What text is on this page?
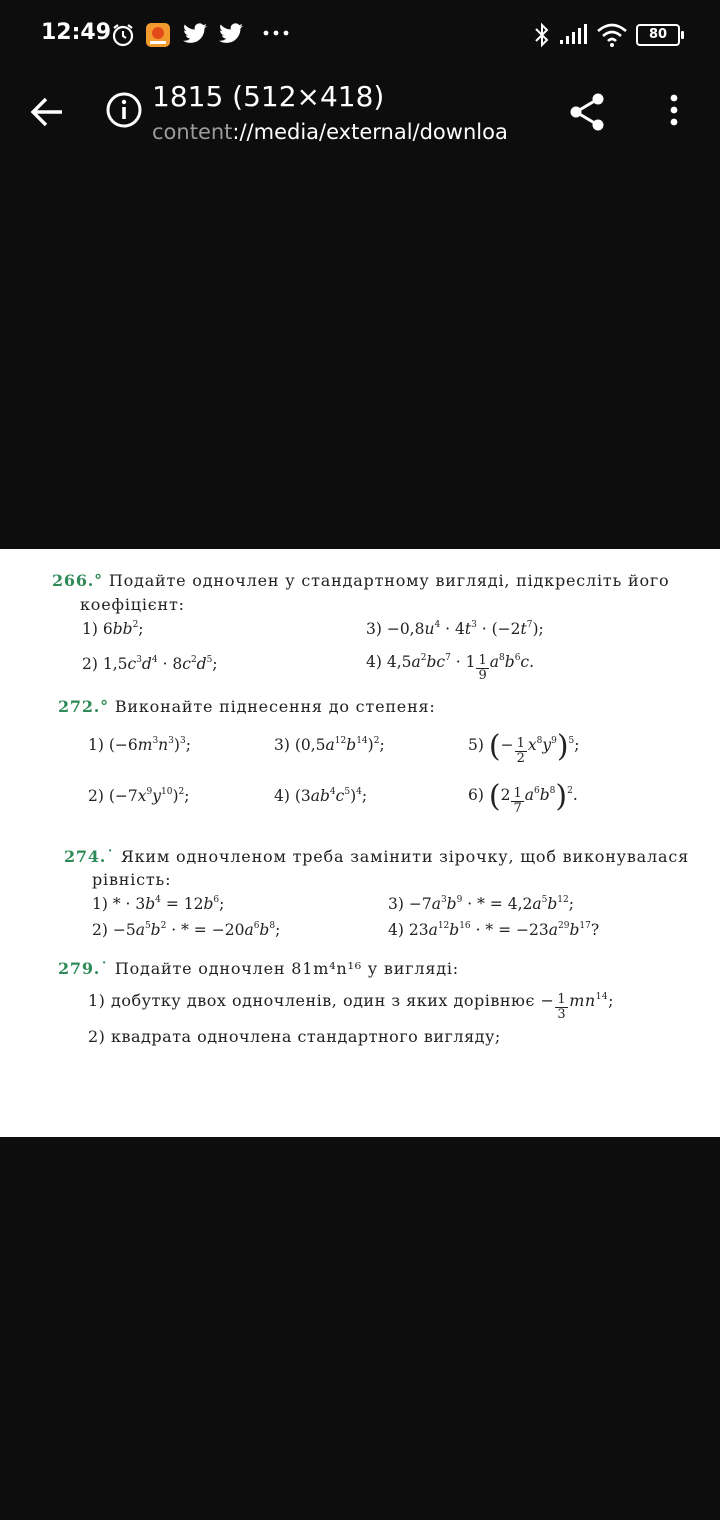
12:49	80
1815 (512×418)
content://media/external/downloa
266.° Подайте одночлен у стандартному вигляді, підкресліть його
коефіцієнт:
1) $6bb^2$;	$3) -0,8u^4 \cdot 4t^3 \cdot (-2t^7)$;
2) $1,5c^3d^4 \cdot 8c^2d^5$;	4) $4,5a^2bc^7 \cdot 1 \frac{1}{9} a^8b^6c$.
272.° Виконайте піднесення до степеня:
1) $(-6m^3n^3)^3$;	3) $(0,5a^{12}b^{14})^2$;	5) (− $\frac{1}{2} x^8y^9)^5$;
2) $(-7x^9y^{10})^2$;	4) $(3ab^4c^5)^4$;	6) $(2 \frac{1}{7} a^6b^8)^2$.
274.˙ Яким одночленом треба замінити зірочку, щоб виконувалася
рівність:
1) * · $3b^4 = 12b^6$;	$3) -7a^3b^9$ · * = $4,2a^5b^{12}$;
$2) -5a^5b^2$ · * = $-20a^6b^8$;	4) $23a^{12}b^{16}$ · * = $-23a^{29}b^{17}$?
279.˙ Подайте одночлен 81m⁴n¹⁶ у вигляді:
1) добутку двох одночленів, один з яких дорівнює − $\frac{1}{3} mn^{14}$;
2) квадрата одночлена стандартного вигляду;
